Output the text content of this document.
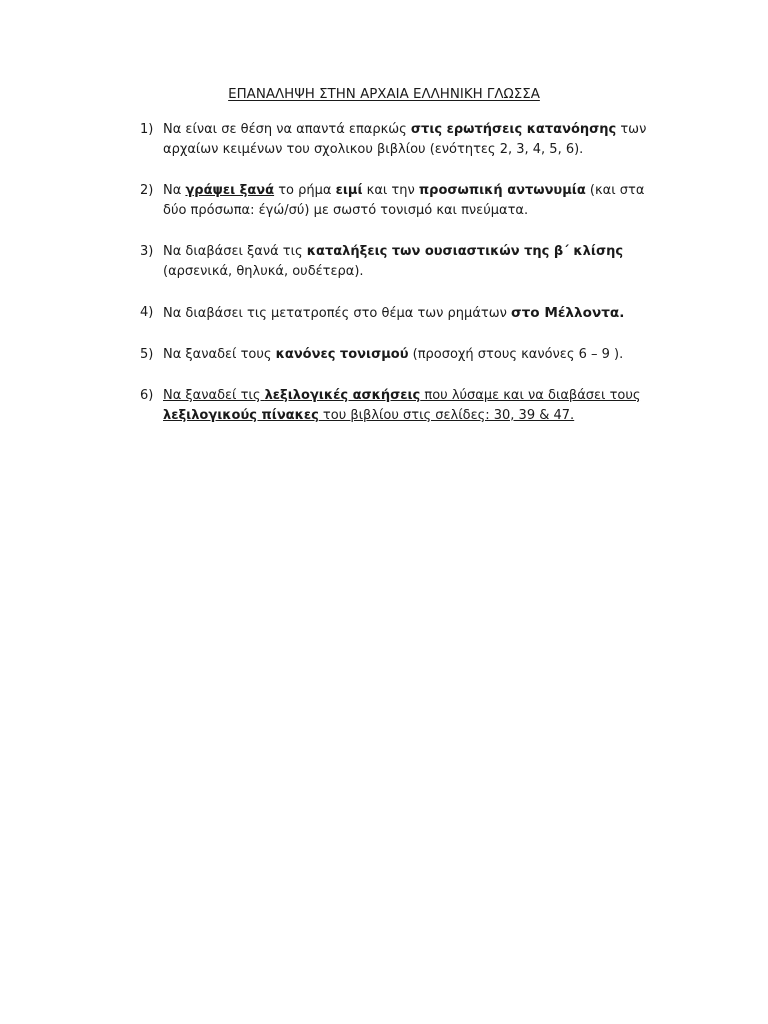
ΕΠΑΝΑΛΗΨΗ ΣΤΗΝ ΑΡΧΑΙΑ ΕΛΛΗΝΙΚΗ ΓΛΩΣΣΑ
1) Να είναι σε θέση να απαντά επαρκώς στις ερωτήσεις κατανόησης των αρχαίων κειμένων του σχολικου βιβλίου (ενότητες 2, 3, 4, 5, 6).
2) Να γράψει ξανά το ρήμα ειμί και την προσωπική αντωνυμία (και στα δύο πρόσωπα: έγώ/σύ) με σωστό τονισμό και πνεύματα.
3) Να διαβάσει ξανά τις καταλήξεις των ουσιαστικών της β΄ κλίσης (αρσενικά, θηλυκά, ουδέτερα).
4) Να διαβάσει τις μετατροπές στο θέμα των ρημάτων στο Μέλλοντα.
5) Να ξαναδεί τους κανόνες τονισμού (προσοχή στους κανόνες 6 – 9 ).
6) Να ξαναδεί τις λεξιλογικές ασκήσεις που λύσαμε και να διαβάσει τους λεξιλογικούς πίνακες του βιβλίου στις σελίδες: 30, 39 & 47.
